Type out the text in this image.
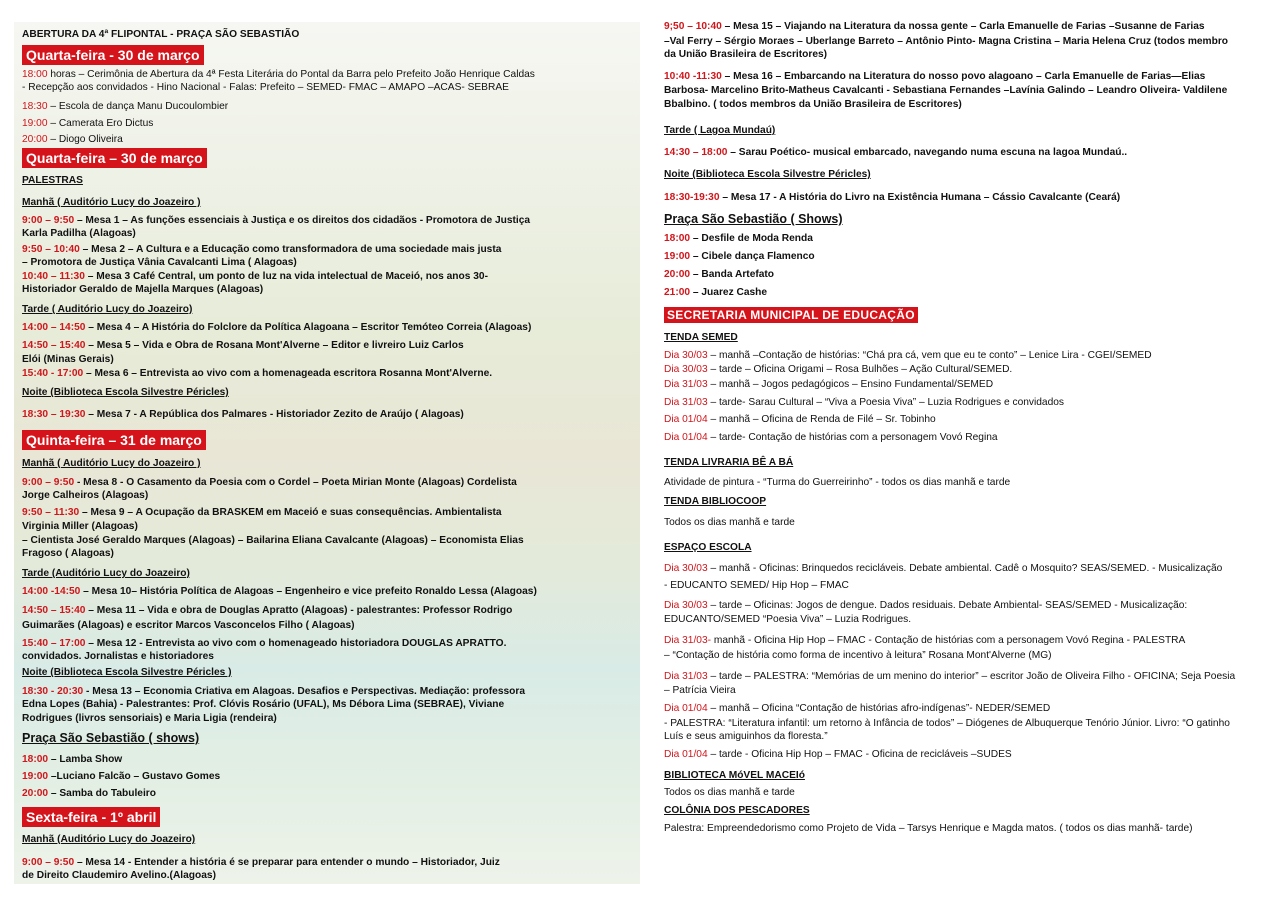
ABERTURA DA 4ª FLIPONTAL - PRAÇA SÃO SEBASTIÃO
Quarta-feira - 30 de março
18:00 horas – Cerimônia de Abertura da 4ª Festa Literária do Pontal da Barra pelo Prefeito João Henrique Caldas
- Recepção aos convidados - Hino Nacional - Falas: Prefeito – SEMED- FMAC – AMAPO –ACAS- SEBRAE
18:30 – Escola de dança Manu Ducoulombier
19:00 – Camerata Ero Dictus
20:00 – Diogo Oliveira
Quarta-feira – 30 de março
PALESTRAS
Manhã ( Auditório Lucy do Joazeiro )
9:00 – 9:50 – Mesa 1 – As funções essenciais à Justiça e os direitos dos cidadãos - Promotora de Justiça
Karla Padilha (Alagoas)
9:50 – 10:40 – Mesa 2 – A Cultura e a Educação como transformadora de uma sociedade mais justa
– Promotora de Justiça Vânia Cavalcanti Lima ( Alagoas)
10:40 – 11:30 – Mesa 3 Café Central, um ponto de luz na vida intelectual de Maceió, nos anos 30-
Historiador Geraldo de Majella Marques (Alagoas)
Tarde ( Auditório Lucy do Joazeiro)
14:00 – 14:50 – Mesa 4 – A História do Folclore da Política Alagoana – Escritor Temóteo Correia (Alagoas)
14:50 – 15:40 – Mesa 5 – Vida e Obra de Rosana Mont'Alverne – Editor e livreiro Luiz Carlos
Elói (Minas Gerais)
15:40 - 17:00 – Mesa 6 – Entrevista ao vivo com a homenageada escritora Rosanna Mont'Alverne.
Noite (Biblioteca Escola Silvestre Péricles)
18:30 – 19:30 – Mesa 7 - A República dos Palmares - Historiador Zezito de Araújo ( Alagoas)
Quinta-feira – 31 de março
Manhã ( Auditório Lucy do Joazeiro )
9:00 – 9:50 - Mesa 8 - O Casamento da Poesia com o Cordel – Poeta Mirian Monte (Alagoas) Cordelista
Jorge Calheiros (Alagoas)
9:50 – 11:30 – Mesa 9 – A Ocupação da BRASKEM em Maceió e suas consequências. Ambientalista
Virginia Miller (Alagoas)
– Cientista José Geraldo Marques (Alagoas) – Bailarina Eliana Cavalcante (Alagoas) – Economista Elias
Fragoso ( Alagoas)
Tarde (Auditório Lucy do Joazeiro)
14:00 -14:50 – Mesa 10– História Política de Alagoas – Engenheiro e vice prefeito Ronaldo Lessa (Alagoas)
14:50 – 15:40 – Mesa 11 – Vida e obra de Douglas Apratto (Alagoas) - palestrantes: Professor Rodrigo
Guimarães (Alagoas) e escritor Marcos Vasconcelos Filho ( Alagoas)
15:40 – 17:00 – Mesa 12 - Entrevista ao vivo com o homenageado historiadora DOUGLAS APRATTO.
convidados. Jornalistas e historiadores
Noite (Biblioteca Escola Silvestre Péricles )
18:30 - 20:30 - Mesa 13 – Economia Criativa em Alagoas. Desafios e Perspectivas. Mediação: professora
Edna Lopes (Bahia) - Palestrantes: Prof. Clóvis Rosário (UFAL), Ms Débora Lima (SEBRAE), Viviane
Rodrigues (livros sensoriais) e Maria Ligia (rendeira)
Praça São Sebastião ( shows)
18:00 – Lamba Show
19:00 –Luciano Falcão – Gustavo Gomes
20:00 – Samba do Tabuleiro
Sexta-feira - 1º abril
Manhã (Auditório Lucy do Joazeiro)
9:00 – 9:50 – Mesa 14 - Entender a história é se preparar para entender o mundo – Historiador, Juiz
de Direito Claudemiro Avelino.(Alagoas)
9;50 – 10:40 – Mesa 15 – Viajando na Literatura da nossa gente – Carla Emanuelle de Farias –Susanne de Farias
–Val Ferry – Sérgio Moraes – Uberlange Barreto – Antônio Pinto- Magna Cristina – Maria Helena Cruz (todos membro
da União Brasileira de Escritores)
10:40 -11:30 – Mesa 16 – Embarcando na Literatura do nosso povo alagoano – Carla Emanuelle de Farias—Elias
Barbosa- Marcelino Brito-Matheus Cavalcanti - Sebastiana Fernandes –Lavínia Galindo – Leandro Oliveira- Valdilene
Bbalbino. ( todos membros da União Brasileira de Escritores)
Tarde ( Lagoa Mundaú)
14:30 – 18:00 – Sarau Poético- musical embarcado, navegando numa escuna na lagoa Mundaú..
Noite (Biblioteca Escola Silvestre Péricles)
18:30-19:30 – Mesa 17 - A História do Livro na Existência Humana – Cássio Cavalcante (Ceará)
Praça São Sebastião ( Shows)
18:00 – Desfile de Moda Renda
19:00 – Cibele dança Flamenco
20:00 – Banda Artefato
21:00 – Juarez Cashe
SECRETARIA MUNICIPAL DE EDUCAÇÃO
TENDA SEMED
Dia 30/03 – manhã –Contação de histórias: “Chá pra cá, vem que eu te conto” – Lenice Lira - CGEI/SEMED
Dia 30/03 – tarde – Oficina Origami – Rosa Bulhões – Ação Cultural/SEMED.
Dia 31/03 – manhã – Jogos pedagógicos – Ensino Fundamental/SEMED
Dia 31/03 – tarde- Sarau Cultural – “Viva a Poesia Viva” – Luzia Rodrigues e convidados
Dia 01/04 – manhã – Oficina de Renda de Filé – Sr. Tobinho
Dia 01/04 – tarde- Contação de histórias com a personagem Vovó Regina
TENDA LIVRARIA BÊ A BÁ
Atividade de pintura - “Turma do Guerreirinho” - todos os dias manhã e tarde
TENDA BIBLIOCOOP
Todos os dias manhã e tarde
ESPAÇO ESCOLA
Dia 30/03 – manhã - Oficinas: Brinquedos recicláveis. Debate ambiental. Cadê o Mosquito? SEAS/SEMED. - Musicalização
- EDUCANTO SEMED/ Hip Hop – FMAC
Dia 30/03 – tarde – Oficinas: Jogos de dengue. Dados residuais. Debate Ambiental- SEAS/SEMED - Musicalização:
EDUCANTO/SEMED “Poesia Viva” – Luzia Rodrigues.
Dia 31/03- manhã - Oficina Hip Hop – FMAC - Contação de histórias com a personagem Vovó Regina - PALESTRA
– “Contação de história como forma de incentivo à leitura” Rosana Mont'Alverne (MG)
Dia 31/03 – tarde – PALESTRA: “Memórias de um menino do interior” – escritor João de Oliveira Filho - OFICINA; Seja Poesia
– Patrícia Vieira
Dia 01/04 – manhã – Oficina “Contação de histórias afro-indígenas”- NEDER/SEMED
- PALESTRA: “Literatura infantil: um retorno à Infância de todos” – Diógenes de Albuquerque Tenório Júnior. Livro: “O gatinho
Luís e seus amiguinhos da floresta.”
Dia 01/04 – tarde - Oficina Hip Hop – FMAC - Oficina de recicláveis –SUDES
BIBLIOTECA MóVEL MACEIó
Todos os dias manhã e tarde
COLÔNIA DOS PESCADORES
Palestra: Empreendedorismo como Projeto de Vida – Tarsys Henrique e Magda matos. ( todos os dias manhã- tarde)
